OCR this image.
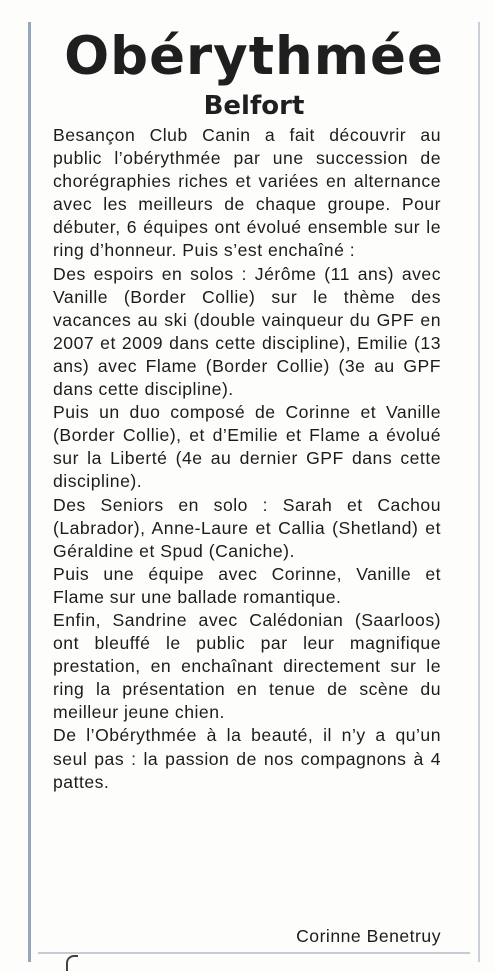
Obérythmée
Belfort

Besançon Club Canin a fait découvrir au public l’obérythmée par une succession de chorégraphies riches et variées en alternance avec les meilleurs de chaque groupe. Pour débuter, 6 équipes ont évolué ensemble sur le ring d’honneur. Puis s’est enchaîné :

Des espoirs en solos : Jérôme (11 ans) avec Vanille (Border Collie) sur le thème des vacances au ski (double vainqueur du GPF en 2007 et 2009 dans cette discipline), Emilie (13 ans) avec Flame (Border Collie) (3e au GPF dans cette discipline).

Puis un duo composé de Corinne et Vanille (Border Collie), et d’Emilie et Flame a évolué sur la Liberté (4e au dernier GPF dans cette discipline).

Des Seniors en solo : Sarah et Cachou (Labrador), Anne-Laure et Callia (Shetland) et Géraldine et Spud (Caniche).

Puis une équipe avec Corinne, Vanille et Flame sur une ballade romantique.

Enfin, Sandrine avec Calédonian (Saarloos) ont bleuffé le public par leur magnifique prestation, en enchaînant directement sur le ring la présentation en tenue de scène du meilleur jeune chien.

De l’Obérythmée à la beauté, il n’y a qu’un seul pas : la passion de nos compagnons à 4 pattes.

Corinne Benetruy
